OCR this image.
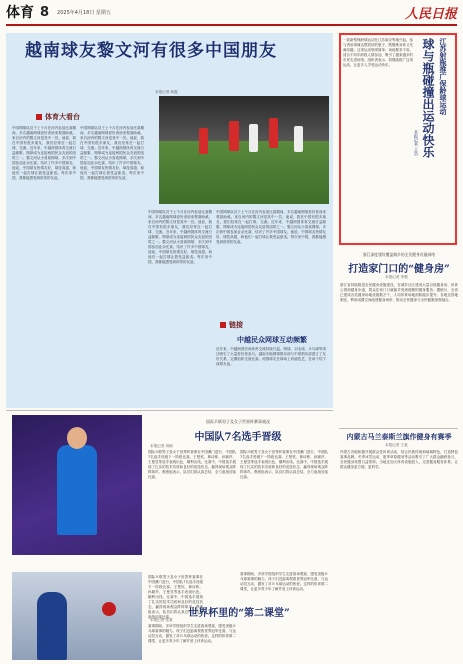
体育 8 2025年4月18日 星期五	人民日报
越南球友黎文河有很多中国朋友
本报记者 林磊
体育大看台
中国网球队员于上个月在河内参加比赛期间，多名越南网球爱好者前来观赛助威。来自河内的黎文河是其中一员。他说，我在中国有很多朋友，我们经常在一起打球、交流。近年来，中越两国体育交流日益频繁，网球成为连接两国民众友谊的纽带之一。黎文河从小喜欢网球，多次到中国参加业余比赛，结识了许多中国球友。他说，中国球友热情友好，球技高超，和他们一起打球让我受益匪浅。每次来中国，我都能感受到浓浓的友谊。
中国网球队员于上个月在河内参加比赛期间，多名越南网球爱好者前来观赛助威。来自河内的黎文河是其中一员。他说，我在中国有很多朋友，我们经常在一起打球、交流。近年来，中越两国体育交流日益频繁，网球成为连接两国民众友谊的纽带之一。黎文河从小喜欢网球，多次到中国参加业余比赛，结识了许多中国球友。他说，中国球友热情友好，球技高超，和他们一起打球让我受益匪浅。每次来中国，我都能感受到浓浓的友谊。
中国网球队员于上个月在河内参加比赛期间，多名越南网球爱好者前来观赛助威。来自河内的黎文河是其中一员。他说，我在中国有很多朋友，我们经常在一起打球、交流。近年来，中越两国体育交流日益频繁，网球成为连接两国民众友谊的纽带之一。黎文河从小喜欢网球，多次到中国参加业余比赛，结识了许多中国球友。他说，中国球友热情友好，球技高超，和他们一起打球让我受益匪浅。每次来中国，我都能感受到浓浓的友谊。
中国网球队员于上个月在河内参加比赛期间，多名越南网球爱好者前来观赛助威。来自河内的黎文河是其中一员。他说，我在中国有很多朋友，我们经常在一起打球、交流。近年来，中越两国体育交流日益频繁，网球成为连接两国民众友谊的纽带之一。黎文河从小喜欢网球，多次到中国参加业余比赛，结识了许多中国球友。他说，中国球友热情友好，球技高超，和他们一起打球让我受益匪浅。每次来中国，我都能感受到浓浓的友谊。
链接
中越民众网球互动频繁
近年来，中越两国民间体育交流持续升温，网球、羽毛球、乒乓球等项目吸引了大量爱好者参与。越南多地网球俱乐部与中国俱乐部建立了友好关系，定期组织交流比赛。两国球友在球场上切磋技艺，在场下结下深厚友谊。
一款新型保龄球运动在江苏南京等地兴起。参与者用球撞击摆放好的瓶子，既锻炼身体又充满乐趣。这项运动规则简单、场地要求不高，适合不同年龄段人群参加，吸引了越来越多的市民走进场馆。组织者表示，将继续推广这项运动，让更多人享受运动快乐。	江苏射瓶推广保龄球运动
球与瓶碰撞出运动快乐
本报记者 王浩
浙江深度建设覆盖城乡的全民健身设施网络
打造家门口的“健身房”
本报记者 李强
浙江省持续推进全民健身设施建设，在城乡社区建成大量百姓健身房、体育公园和健身步道，群众在家门口就能享受到便捷的健身服务。据统计，全省已建成各类健身场地设施数万个，人均体育场地面积稳步提升。各地还因地制宜，利用闲置空间改建健身场所，推动全民健身与全民健康深度融合。
内蒙古马兰泰斯兰旗作健身有赛季
本报记者 王某
内蒙古各地积极开展群众性体育活动，结合民族传统和地域特色，打造特色赛事品牌。冬季冰雪运动、夏季草原健身等活动吸引了广大群众踊跃参与，全民健身氛围日益浓厚。当地还加大体育设施投入，完善健身服务体系，让群众健身更方便、更科学。
国际乒联男子及女子世界杯赛事战况
中国队7名选手晋级
本报记者 刘硕
国际乒联男子及女子世界杯赛事在中国澳门进行，中国队7名选手晋级下一阶段比赛。王楚钦、林诗栋、孙颖莎、王曼昱等选手表现出色，顺利出线。比赛中，中国选手展现了扎实的技术功底和良好的竞技状态，赢得现场观众阵阵掌声。教练组表示，队员们将认真总结，全力备战后续比赛。
国际乒联男子及女子世界杯赛事在中国澳门进行，中国队7名选手晋级下一阶段比赛。王楚钦、林诗栋、孙颖莎、王曼昱等选手表现出色，顺利出线。比赛中，中国选手展现了扎实的技术功底和良好的竞技状态，赢得现场观众阵阵掌声。教练组表示，队员们将认真总结，全力备战后续比赛。
国际乒联男子及女子世界杯赛事在中国澳门进行，中国队7名选手晋级下一阶段比赛。王楚钦、林诗栋、孙颖莎、王曼昱等选手表现出色，顺利出线。比赛中，中国选手展现了扎实的技术功底和良好的竞技状态，赢得现场观众阵阵掌声。教练组表示，队员们将认真总结，全力备战后续比赛。	世界杯里的“第二课堂”
本报记者 张某
赛事期间，多所学校组织学生走进赛场观赛，感受顶级乒乓球赛事的魅力。孩子们近距离观看世界冠军比赛，与运动员互动，激发了对乒乓球运动的热爱。这样的体育第二课堂，让更多青少年了解并爱上体育运动。
赛事期间，多所学校组织学生走进赛场观赛，感受顶级乒乓球赛事的魅力。孩子们近距离观看世界冠军比赛，与运动员互动，激发了对乒乓球运动的热爱。这样的体育第二课堂，让更多青少年了解并爱上体育运动。
